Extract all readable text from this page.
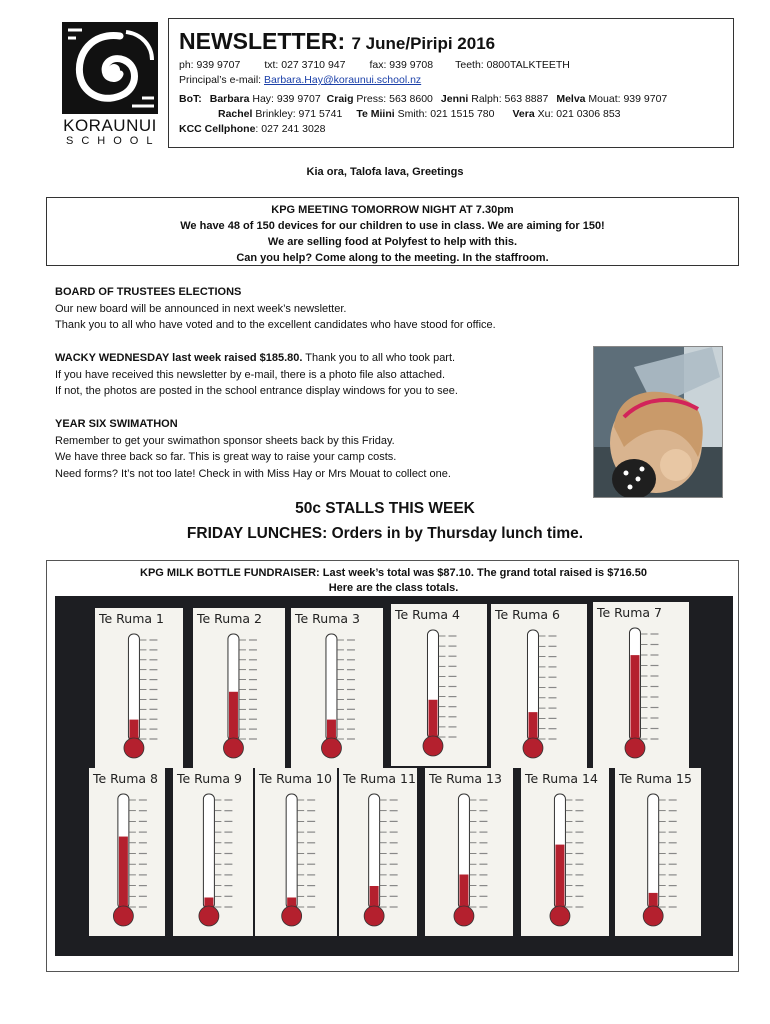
KORAUNUI
SCHOOL
NEWSLETTER: 7 June/Piripi 2016
ph: 939 9707 txt: 027 3710 947 fax: 939 9708 Teeth: 0800TALKTEETH
Principal’s e-mail: Barbara.Hay@koraunui.school.nz
BoT: Barbara Hay: 939 9707 Craig Press: 563 8600 Jenni Ralph: 563 8887 Melva Mouat: 939 9707
Rachel Brinkley: 971 5741 Te Miini Smith: 021 1515 780 Vera Xu: 021 0306 853
KCC Cellphone: 027 241 3028
Kia ora, Talofa lava, Greetings
KPG MEETING TOMORROW NIGHT AT 7.30pm
We have 48 of 150 devices for our children to use in class. We are aiming for 150!
We are selling food at Polyfest to help with this.
Can you help? Come along to the meeting. In the staffroom.
BOARD OF TRUSTEES ELECTIONS
Our new board will be announced in next week’s newsletter.
Thank you to all who have voted and to the excellent candidates who have stood for office.
WACKY WEDNESDAY last week raised $185.80. Thank you to all who took part.
If you have received this newsletter by e-mail, there is a photo file also attached.
If not, the photos are posted in the school entrance display windows for you to see.
YEAR SIX SWIMATHON
Remember to get your swimathon sponsor sheets back by this Friday.
We have three back so far. This is great way to raise your camp costs.
Need forms? It’s not too late! Check in with Miss Hay or Mrs Mouat to collect one.
50c STALLS THIS WEEK
FRIDAY LUNCHES: Orders in by Thursday lunch time.
KPG MILK BOTTLE FUNDRAISER: Last week’s total was $87.10. The grand total raised is $716.50
Here are the class totals.
Te Ruma 1	Te Ruma 2	Te Ruma 3	Te Ruma 4	Te Ruma 6	Te Ruma 7
Te Ruma 8	Te Ruma 9	Te Ruma 10 Te Ruma 11 Te Ruma 13	Te Ruma 14	Te Ruma 15
